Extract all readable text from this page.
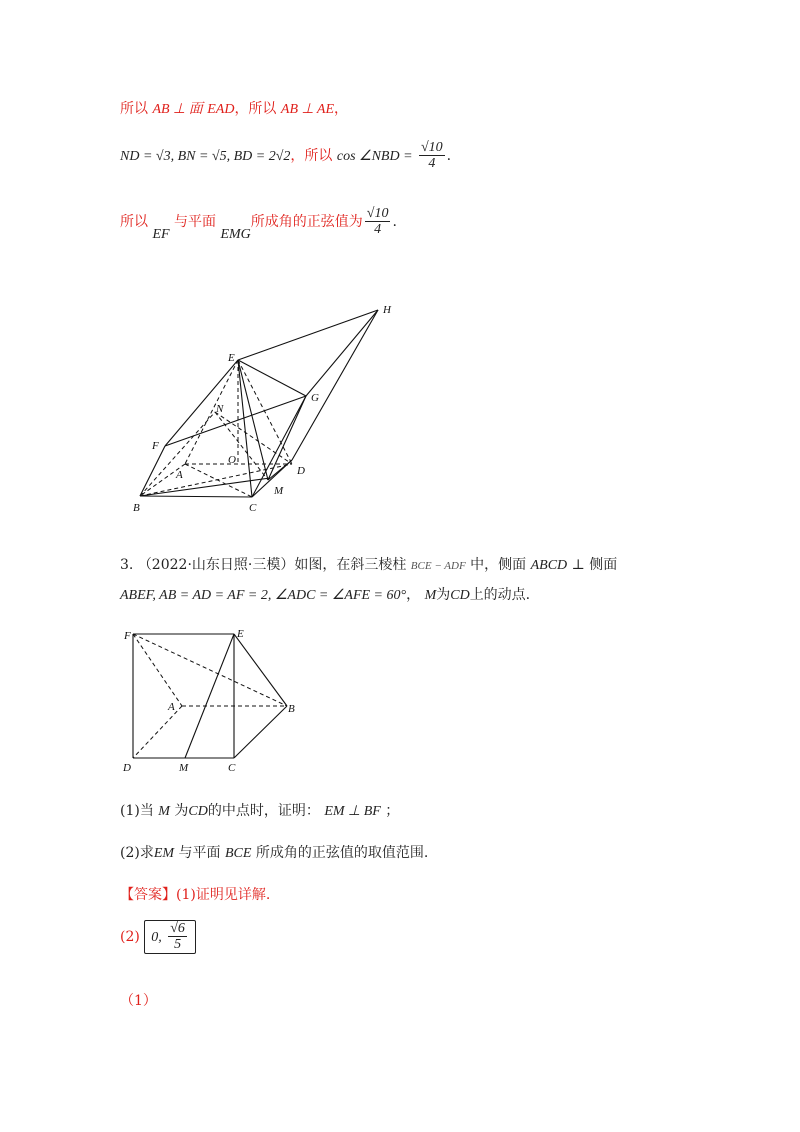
所以 AB ⊥ 面 EAD，所以 AB ⊥ AE，
ND = √3, BN = √5, BD = 2√2，所以 cos ∠NBD = $\frac{√10}{4}$ .
所以 EF 与平面 EMG所成角的正弦值为 $\frac{√10}{4}$ .
H
E
G
N
F
O
A	D
M
B	C
3. （2022·山东日照·三模）如图，在斜三棱柱 BCE − ADF 中，侧面 ABCD ⊥ 侧面
ABEF, AB = AD = AF = 2, ∠ADC = ∠AFE = 60°， M为CD上的动点.
F	E
A	B
D	M	C
(1)当 M 为CD的中点时，证明： EM ⊥ BF ；
(2)求EM 与平面 BCE 所成角的正弦值的取值范围.
【答案】(1)证明见详解.
(2) 0, $\frac{√6}{5}$
（1）
